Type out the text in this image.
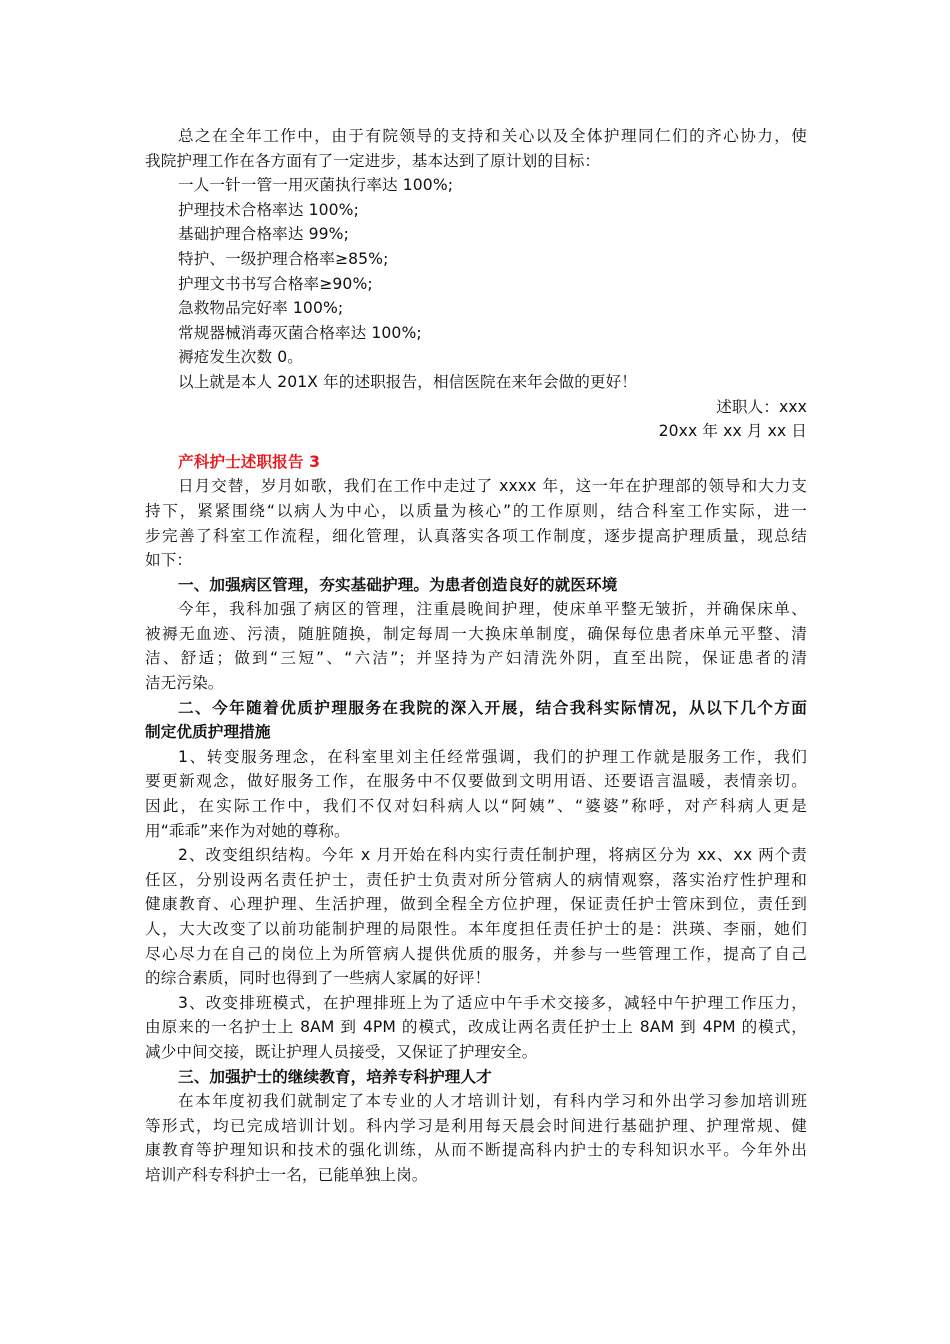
总之在全年工作中，由于有院领导的支持和关心以及全体护理同仁们的齐心协力，使
我院护理工作在各方面有了一定进步，基本达到了原计划的目标：
一人一针一管一用灭菌执行率达 100%;
护理技术合格率达 100%;
基础护理合格率达 99%;
特护、一级护理合格率≥85%;
护理文书书写合格率≥90%;
急救物品完好率 100%;
常规器械消毒灭菌合格率达 100%;
褥疮发生次数 0。
以上就是本人 201X 年的述职报告，相信医院在来年会做的更好！
述职人：xxx
20xx 年 xx 月 xx 日
产科护士述职报告 3
日月交替，岁月如歌，我们在工作中走过了 xxxx 年，这一年在护理部的领导和大力支
持下，紧紧围绕“以病人为中心，以质量为核心”的工作原则，结合科室工作实际，进一
步完善了科室工作流程，细化管理，认真落实各项工作制度，逐步提高护理质量，现总结
如下：
一、加强病区管理，夯实基础护理。为患者创造良好的就医环境
今年，我科加强了病区的管理，注重晨晚间护理，使床单平整无皱折，并确保床单、
被褥无血迹、污渍，随脏随换，制定每周一大换床单制度，确保每位患者床单元平整、清
洁、舒适；做到“三短”、“六洁”；并坚持为产妇清洗外阴，直至出院，保证患者的清
洁无污染。
二、今年随着优质护理服务在我院的深入开展，结合我科实际情况，从以下几个方面
制定优质护理措施
1、转变服务理念，在科室里刘主任经常强调，我们的护理工作就是服务工作，我们
要更新观念，做好服务工作，在服务中不仅要做到文明用语、还要语言温暖，表情亲切。
因此，在实际工作中，我们不仅对妇科病人以“阿姨”、“婆婆”称呼，对产科病人更是
用“乖乖”来作为对她的尊称。
2、改变组织结构。今年 x 月开始在科内实行责任制护理，将病区分为 xx、xx 两个责
任区，分别设两名责任护士，责任护士负责对所分管病人的病情观察，落实治疗性护理和
健康教育、心理护理、生活护理，做到全程全方位护理，保证责任护士管床到位，责任到
人，大大改变了以前功能制护理的局限性。本年度担任责任护士的是：洪瑛、李丽，她们
尽心尽力在自己的岗位上为所管病人提供优质的服务，并参与一些管理工作，提高了自己
的综合素质，同时也得到了一些病人家属的好评！
3、改变排班模式，在护理排班上为了适应中午手术交接多，减轻中午护理工作压力，
由原来的一名护士上 8AM 到 4PM 的模式，改成让两名责任护士上 8AM 到 4PM 的模式，
减少中间交接，既让护理人员接受，又保证了护理安全。
三、加强护士的继续教育，培养专科护理人才
在本年度初我们就制定了本专业的人才培训计划，有科内学习和外出学习参加培训班
等形式，均已完成培训计划。科内学习是利用每天晨会时间进行基础护理、护理常规、健
康教育等护理知识和技术的强化训练，从而不断提高科内护士的专科知识水平。今年外出
培训产科专科护士一名，已能单独上岗。
